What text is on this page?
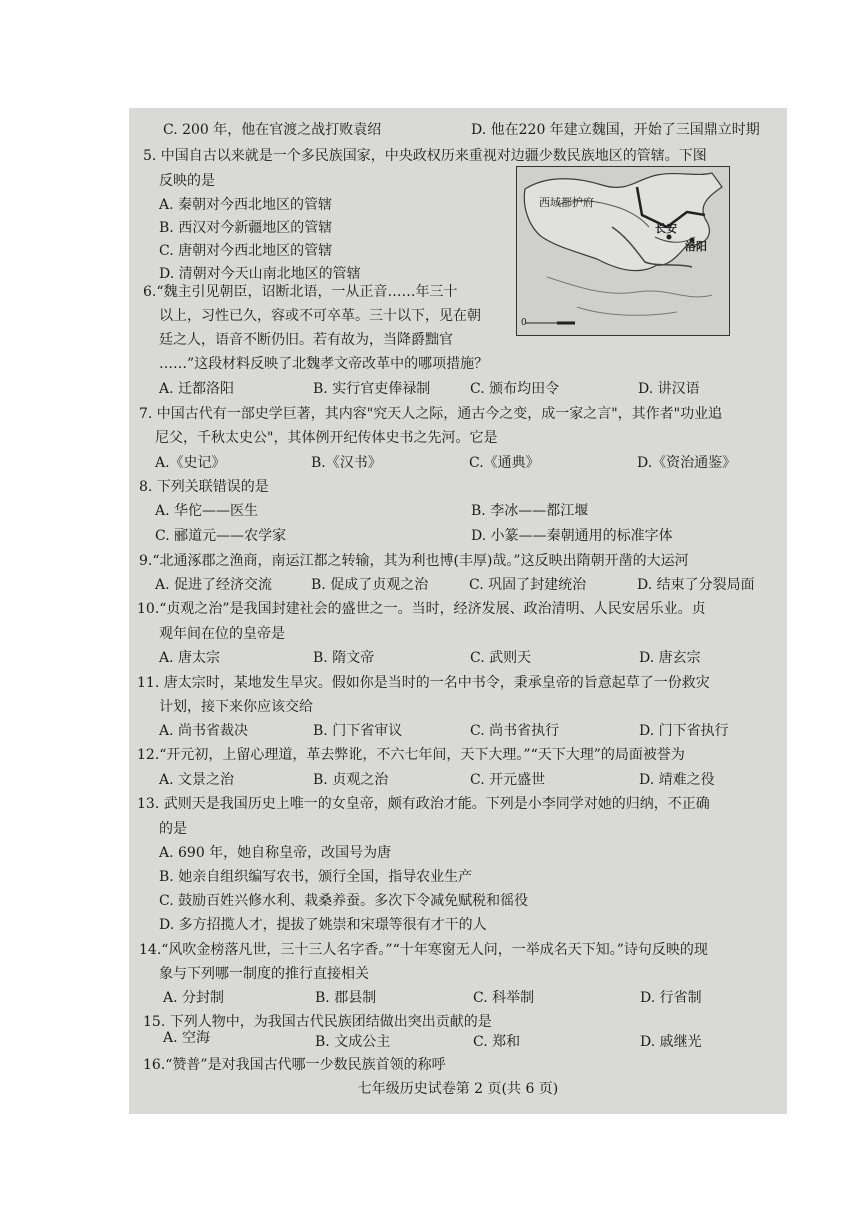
C. 200 年，他在官渡之战打败袁绍	D. 他在220 年建立魏国，开始了三国鼎立时期
5. 中国自古以来就是一个多民族国家，中央政权历来重视对边疆少数民族地区的管辖。下图
反映的是
A. 秦朝对今西北地区的管辖
B. 西汉对今新疆地区的管辖
C. 唐朝对今西北地区的管辖
D. 清朝对今天山南北地区的管辖
西域都护府
长安
洛阳
0
6.“魏主引见朝臣，诏断北语，一从正音……年三十
以上，习性已久，容或不可卒革。三十以下，见在朝
廷之人，语音不断仍旧。若有故为，当降爵黜官
……”这段材料反映了北魏孝文帝改革中的哪项措施？
A. 迁都洛阳	B. 实行官吏俸禄制	C. 颁布均田令	D. 讲汉语
7. 中国古代有一部史学巨著，其内容"究天人之际，通古今之变，成一家之言"，其作者"功业追
尼父，千秋太史公"，其体例开纪传体史书之先河。它是
A.《史记》	B.《汉书》	C.《通典》	D.《资治通鉴》
8. 下列关联错误的是
A. 华佗——医生	B. 李冰——都江堰
C. 郦道元——农学家	D. 小篆——秦朝通用的标准字体
9.“北通涿郡之渔商，南运江都之转输，其为利也博(丰厚)哉。”这反映出隋朝开凿的大运河
A. 促进了经济交流	B. 促成了贞观之治	C. 巩固了封建统治	D. 结束了分裂局面
10.“贞观之治”是我国封建社会的盛世之一。当时，经济发展、政治清明、人民安居乐业。贞
观年间在位的皇帝是
A. 唐太宗	B. 隋文帝	C. 武则天	D. 唐玄宗
11. 唐太宗时，某地发生旱灾。假如你是当时的一名中书令，秉承皇帝的旨意起草了一份救灾
计划，接下来你应该交给
A. 尚书省裁决	B. 门下省审议	C. 尚书省执行	D. 门下省执行
12.“开元初，上留心理道，革去弊讹，不六七年间，天下大理。”“天下大理”的局面被誉为
A. 文景之治	B. 贞观之治	C. 开元盛世	D. 靖难之役
13. 武则天是我国历史上唯一的女皇帝，颇有政治才能。下列是小李同学对她的归纳，不正确
的是
A. 690 年，她自称皇帝，改国号为唐
B. 她亲自组织编写农书，颁行全国，指导农业生产
C. 鼓励百姓兴修水利、栽桑养蚕。多次下令减免赋税和徭役
D. 多方招揽人才，提拔了姚崇和宋璟等很有才干的人
14.“风吹金榜落凡世，三十三人名字香。”“十年寒窗无人问，一举成名天下知。”诗句反映的现
象与下列哪一制度的推行直接相关
A. 分封制	B. 郡县制	C. 科举制	D. 行省制
15. 下列人物中，为我国古代民族团结做出突出贡献的是
A. 空海	B. 文成公主	C. 郑和	D. 戚继光
16.“赞普”是对我国古代哪一少数民族首领的称呼
七年级历史试卷第 2 页(共 6 页)
